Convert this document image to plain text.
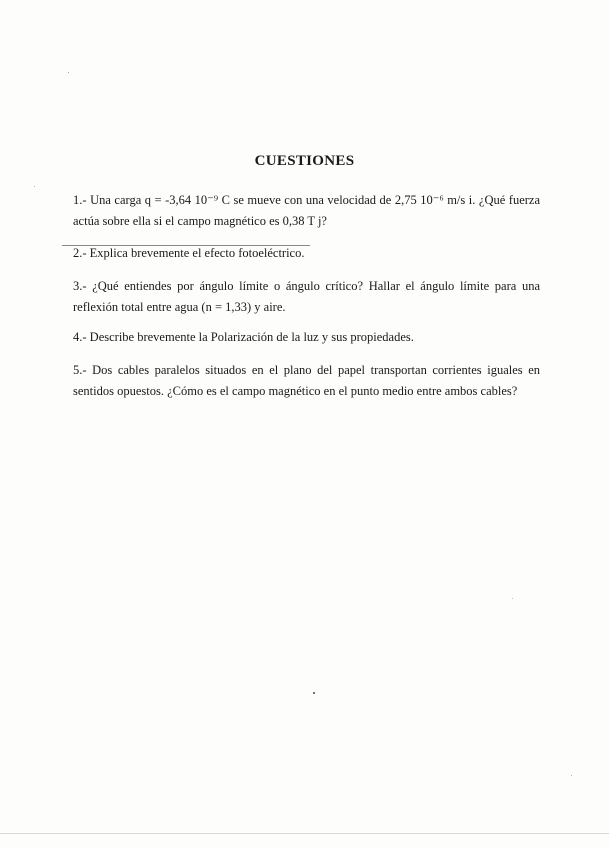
CUESTIONES
1.- Una carga q = -3,64 10⁻⁹ C se mueve con una velocidad de 2,75 10⁻⁶ m/s i. ¿Qué fuerza actúa sobre ella si el campo magnético es 0,38 T j?
2.- Explica brevemente el efecto fotoeléctrico.
3.- ¿Qué entiendes por ángulo límite o ángulo crítico? Hallar el ángulo límite para una reflexión total entre agua (n = 1,33) y aire.
4.- Describe brevemente la Polarización de la luz y sus propiedades.
5.- Dos cables paralelos situados en el plano del papel transportan corrientes iguales en sentidos opuestos. ¿Cómo es el campo magnético en el punto medio entre ambos cables?
